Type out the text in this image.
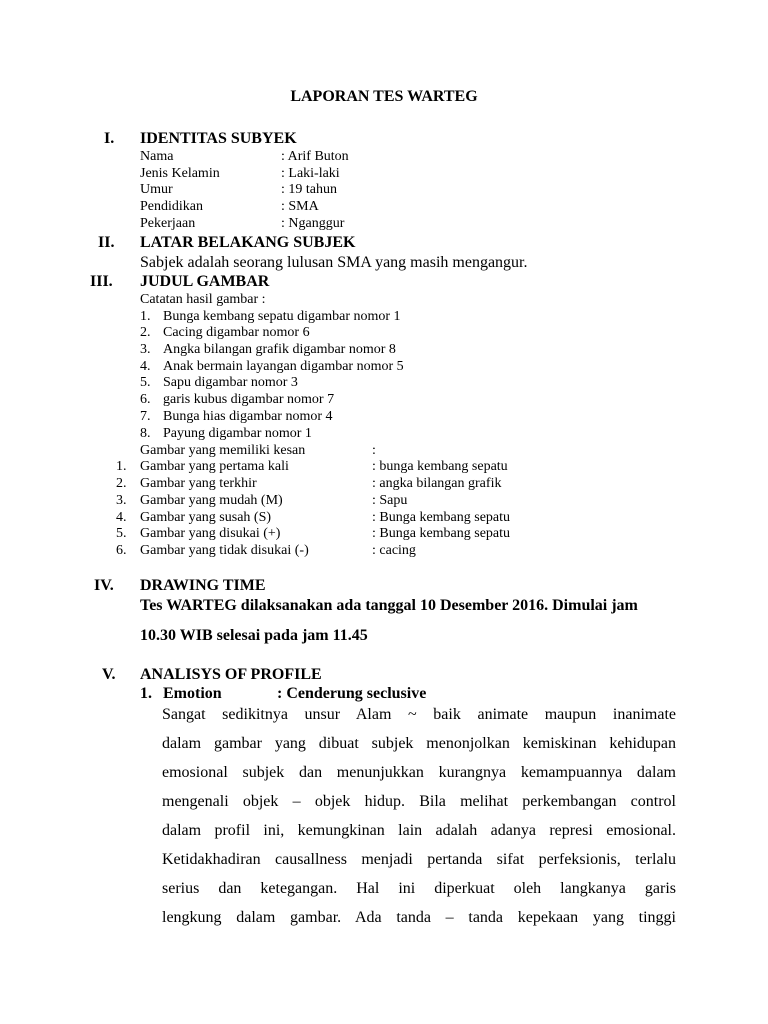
LAPORAN TES WARTEG
I. IDENTITAS SUBYEK
Nama	: Arif Buton
Jenis Kelamin	: Laki-laki
Umur	: 19 tahun
Pendidikan	: SMA
Pekerjaan	: Nganggur
II. LATAR BELAKANG SUBJEK
Sabjek adalah seorang lulusan SMA yang masih mengangur.
III. JUDUL GAMBAR
Catatan hasil gambar :
1. Bunga kembang sepatu digambar nomor 1
2. Cacing digambar nomor 6
3. Angka bilangan grafik digambar nomor 8
4. Anak bermain layangan digambar nomor 5
5. Sapu digambar nomor 3
6. garis kubus digambar nomor 7
7. Bunga hias digambar nomor 4
8. Payung digambar nomor 1
Gambar yang memiliki kesan	:
1. Gambar yang pertama kali	: bunga kembang sepatu
2. Gambar yang terkhir	: angka bilangan grafik
3. Gambar yang mudah (M)	: Sapu
4. Gambar yang susah (S)	: Bunga kembang sepatu
5. Gambar yang disukai (+)	: Bunga kembang sepatu
6. Gambar yang tidak disukai (-)	: cacing
IV. DRAWING TIME
Tes WARTEG dilaksanakan ada tanggal 10 Desember 2016. Dimulai jam
10.30 WIB selesai pada jam 11.45
V. ANALISYS OF PROFILE
1. Emotion	: Cenderung seclusive
Sangat sedikitnya unsur Alam ~ baik animate maupun inanimate
dalam gambar yang dibuat subjek menonjolkan kemiskinan kehidupan
emosional subjek dan menunjukkan kurangnya kemampuannya dalam
mengenali objek – objek hidup. Bila melihat perkembangan control
dalam profil ini, kemungkinan lain adalah adanya represi emosional.
Ketidakhadiran causallness menjadi pertanda sifat perfeksionis, terlalu
serius dan ketegangan. Hal ini diperkuat oleh langkanya garis
lengkung dalam gambar. Ada tanda – tanda kepekaan yang tinggi
